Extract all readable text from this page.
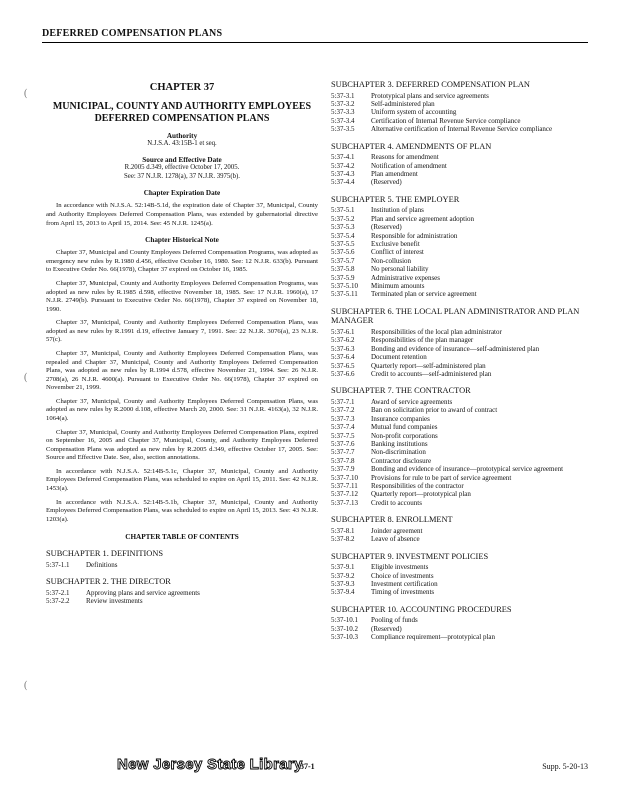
DEFERRED COMPENSATION PLANS
(
(
(
CHAPTER 37
MUNICIPAL, COUNTY AND AUTHORITY EMPLOYEES DEFERRED COMPENSATION PLANS
Authority
N.J.S.A. 43:15B-1 et seq.
Source and Effective Date
R.2005 d.349, effective October 17, 2005.
See: 37 N.J.R. 1278(a), 37 N.J.R. 3975(b).
Chapter Expiration Date

In accordance with N.J.S.A. 52:14B-5.1d, the expiration date of Chapter 37, Municipal, County and Authority Employees Deferred Compensation Plans, was extended by gubernatorial directive from April 15, 2013 to April 15, 2014. See: 45 N.J.R. 1245(a).

Chapter Historical Note

Chapter 37, Municipal and County Employees Deferred Compensation Programs, was adopted as emergency new rules by R.1980 d.456, effective October 16, 1980. See: 12 N.J.R. 633(b). Pursuant to Executive Order No. 66(1978), Chapter 37 expired on October 16, 1985.

Chapter 37, Municipal, County and Authority Employees Deferred Compensation Programs, was adopted as new rules by R.1985 d.598, effective November 18, 1985. See: 17 N.J.R. 1960(a), 17 N.J.R. 2749(b). Pursuant to Executive Order No. 66(1978), Chapter 37 expired on November 18, 1990.

Chapter 37, Municipal, County and Authority Employees Deferred Compensation Plans, was adopted as new rules by R.1991 d.19, effective January 7, 1991. See: 22 N.J.R. 3076(a), 23 N.J.R. 57(c).

Chapter 37, Municipal, County and Authority Employees Deferred Compensation Plans, was repealed and Chapter 37, Municipal, County and Authority Employees Deferred Compensation Plans, was adopted as new rules by R.1994 d.578, effective November 21, 1994. See: 26 N.J.R. 2708(a), 26 N.J.R. 4600(a). Pursuant to Executive Order No. 66(1978), Chapter 37 expired on November 21, 1999.

Chapter 37, Municipal, County and Authority Employees Deferred Compensation Plans, was adopted as new rules by R.2000 d.108, effective March 20, 2000. See: 31 N.J.R. 4163(a), 32 N.J.R. 1064(a).

Chapter 37, Municipal, County and Authority Employees Deferred Compensation Plans, expired on September 16, 2005 and Chapter 37, Municipal, County, and Authority Employees Deferred Compensation Plans was adopted as new rules by R.2005 d.349, effective October 17, 2005. See: Source and Effective Date. See, also, section annotations.

In accordance with N.J.S.A. 52:14B-5.1c, Chapter 37, Municipal, County and Authority Employees Deferred Compensation Plans, was scheduled to expire on April 15, 2011. See: 42 N.J.R. 1453(a).

In accordance with N.J.S.A. 52:14B-5.1b, Chapter 37, Municipal, County and Authority Employees Deferred Compensation Plans, was scheduled to expire on April 15, 2013. See: 43 N.J.R. 1203(a).

CHAPTER TABLE OF CONTENTS
SUBCHAPTER 1. DEFINITIONS
5:37-1.1	Definitions
SUBCHAPTER 2. THE DIRECTOR
5:37-2.1	Approving plans and service agreements
5:37-2.2	Review investments
SUBCHAPTER 3. DEFERRED COMPENSATION PLAN
5:37-3.1	Prototypical plans and service agreements
5:37-3.2	Self-administered plan
5:37-3.3	Uniform system of accounting
5:37-3.4	Certification of Internal Revenue Service compliance
5:37-3.5	Alternative certification of Internal Revenue Service compliance
SUBCHAPTER 4. AMENDMENTS OF PLAN
5:37-4.1	Reasons for amendment
5:37-4.2	Notification of amendment
5:37-4.3	Plan amendment
5:37-4.4	(Reserved)
SUBCHAPTER 5. THE EMPLOYER
5:37-5.1	Institution of plans
5:37-5.2	Plan and service agreement adoption
5:37-5.3	(Reserved)
5:37-5.4	Responsible for administration
5:37-5.5	Exclusive benefit
5:37-5.6	Conflict of interest
5:37-5.7	Non-collusion
5:37-5.8	No personal liability
5:37-5.9	Administrative expenses
5:37-5.10	Minimum amounts
5:37-5.11	Terminated plan or service agreement
SUBCHAPTER 6. THE LOCAL PLAN ADMINISTRATOR AND PLAN MANAGER
5:37-6.1	Responsibilities of the local plan administrator
5:37-6.2	Responsibilities of the plan manager
5:37-6.3	Bonding and evidence of insurance—self-administered plan
5:37-6.4	Document retention
5:37-6.5	Quarterly report—self-administered plan
5:37-6.6	Credit to accounts—self-administered plan
SUBCHAPTER 7. THE CONTRACTOR
5:37-7.1	Award of service agreements
5:37-7.2	Ban on solicitation prior to award of contract
5:37-7.3	Insurance companies
5:37-7.4	Mutual fund companies
5:37-7.5	Non-profit corporations
5:37-7.6	Banking institutions
5:37-7.7	Non-discrimination
5:37-7.8	Contractor disclosure
5:37-7.9	Bonding and evidence of insurance—prototypical service agreement
5:37-7.10	Provisions for rule to be part of service agreement
5:37-7.11	Responsibilities of the contractor
5:37-7.12	Quarterly report—prototypical plan
5:37-7.13	Credit to accounts
SUBCHAPTER 8. ENROLLMENT
5:37-8.1	Joinder agreement
5:37-8.2	Leave of absence
SUBCHAPTER 9. INVESTMENT POLICIES
5:37-9.1	Eligible investments
5:37-9.2	Choice of investments
5:37-9.3	Investment certification
5:37-9.4	Timing of investments
SUBCHAPTER 10. ACCOUNTING PROCEDURES
5:37-10.1	Pooling of funds
5:37-10.2	(Reserved)
5:37-10.3	Compliance requirement—prototypical plan
New Jersey State Library
37-1	Supp. 5-20-13
